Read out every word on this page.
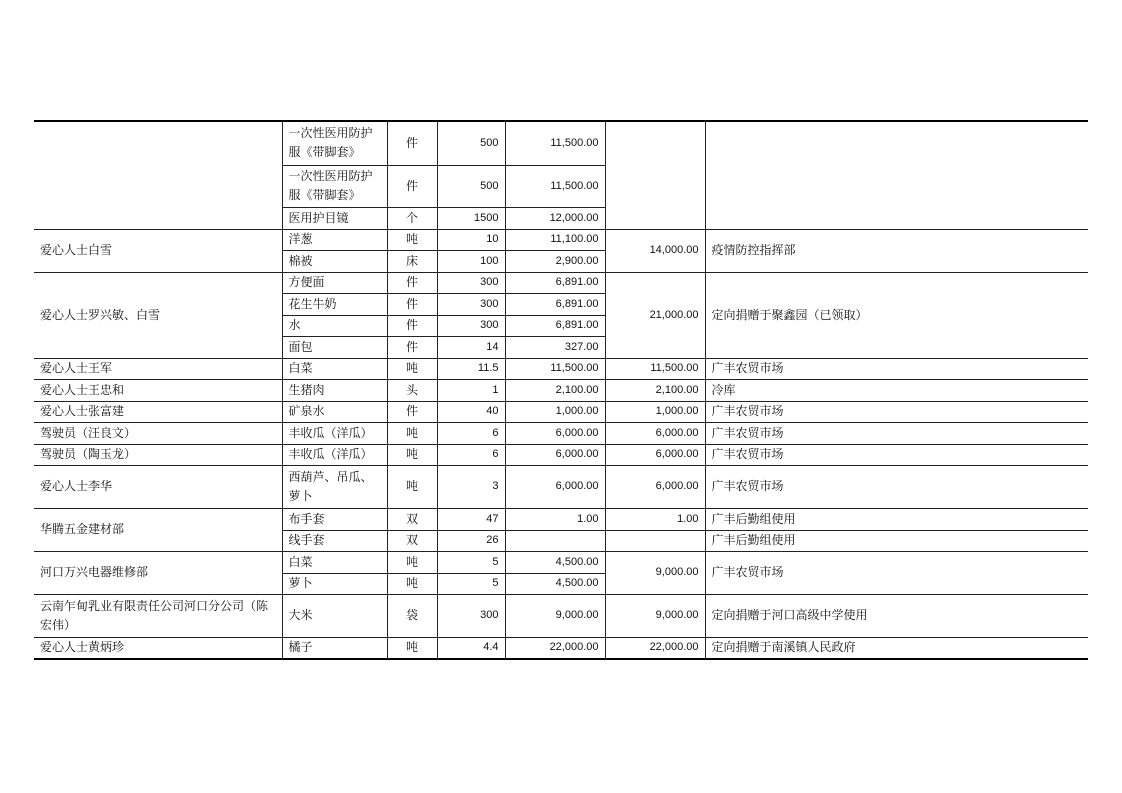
	一次性医用防护服《带脚套》	件	500	11,500.00		
	一次性医用防护服《带脚套》	件	500	11,500.00		
	医用护目镜	个	1500	12,000.00		
爱心人士白雪	洋葱	吨	10	11,100.00	14,000.00	疫情防控指挥部
	棉被	床	100	2,900.00		
爱心人士罗兴敏、白雪	方便面	件	300	6,891.00	21,000.00	定向捐赠于聚鑫园（已领取）
	花生牛奶	件	300	6,891.00		
	水	件	300	6,891.00		
	面包	件	14	327.00		
爱心人士王军	白菜	吨	11.5	11,500.00	11,500.00	广丰农贸市场
爱心人士王忠和	生猪肉	头	1	2,100.00	2,100.00	冷库
爱心人士张富建	矿泉水	件	40	1,000.00	1,000.00	广丰农贸市场
驾驶员（汪良文）	丰收瓜（洋瓜）	吨	6	6,000.00	6,000.00	广丰农贸市场
驾驶员（陶玉龙）	丰收瓜（洋瓜）	吨	6	6,000.00	6,000.00	广丰农贸市场
爱心人士李华	西葫芦、吊瓜、萝卜	吨	3	6,000.00	6,000.00	广丰农贸市场
华腾五金建材部	布手套	双	47	1.00	1.00	广丰后勤组使用
	线手套	双	26			广丰后勤组使用
河口万兴电器维修部	白菜	吨	5	4,500.00	9,000.00	广丰农贸市场
	萝卜	吨	5	4,500.00		
云南乍甸乳业有限责任公司河口分公司（陈宏伟）	大米	袋	300	9,000.00	9,000.00	定向捐赠于河口高级中学使用
爱心人士黄炳珍	橘子	吨	4.4	22,000.00	22,000.00	定向捐赠于南溪镇人民政府
